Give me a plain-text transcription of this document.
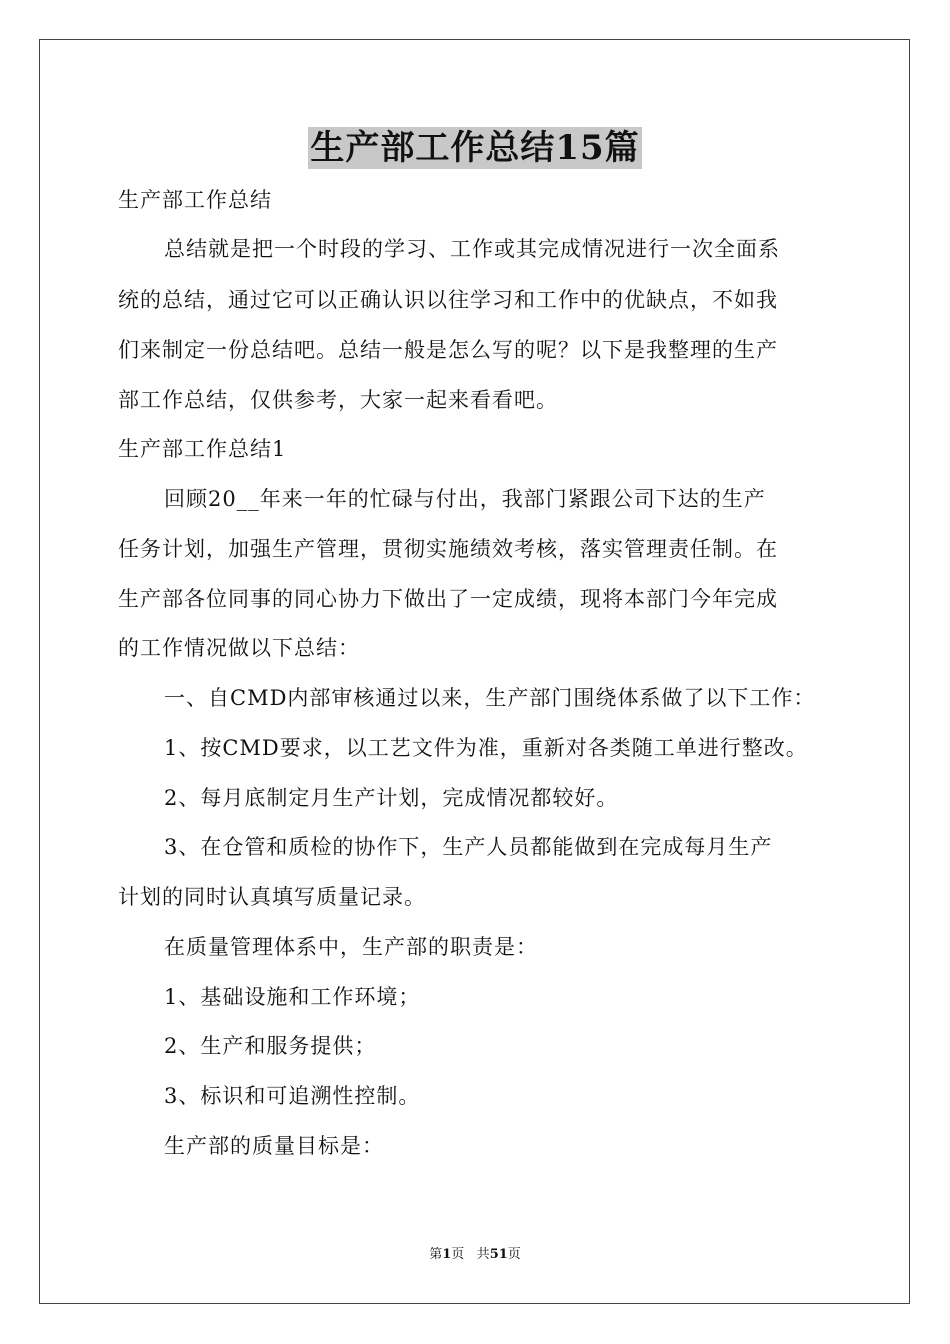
生产部工作总结15篇
生产部工作总结
总结就是把一个时段的学习、工作或其完成情况进行一次全面系
统的总结，通过它可以正确认识以往学习和工作中的优缺点，不如我
们来制定一份总结吧。总结一般是怎么写的呢？以下是我整理的生产
部工作总结，仅供参考，大家一起来看看吧。
生产部工作总结1
回顾20__年来一年的忙碌与付出，我部门紧跟公司下达的生产
任务计划，加强生产管理，贯彻实施绩效考核，落实管理责任制。在
生产部各位同事的同心协力下做出了一定成绩，现将本部门今年完成
的工作情况做以下总结：
一、自CMD内部审核通过以来，生产部门围绕体系做了以下工作：
1、按CMD要求，以工艺文件为准，重新对各类随工单进行整改。
2、每月底制定月生产计划，完成情况都较好。
3、在仓管和质检的协作下，生产人员都能做到在完成每月生产
计划的同时认真填写质量记录。
在质量管理体系中，生产部的职责是：
1、基础设施和工作环境；
2、生产和服务提供；
3、标识和可追溯性控制。
生产部的质量目标是：
第1页 共51页
